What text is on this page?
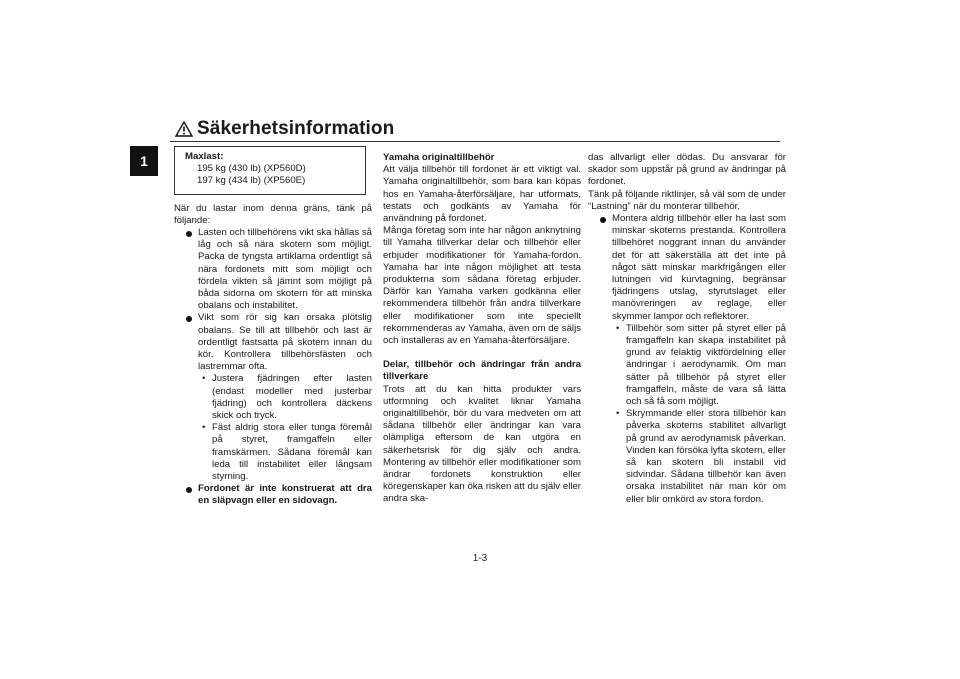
Säkerhetsinformation
1	Maxlast:
195 kg (430 lb) (XP560D)
197 kg (434 lb) (XP560E)

När du lastar inom denna gräns, tänk på följande:

Lasten och tillbehörens vikt ska hållas så låg och så nära skotern som möjligt. Packa de tyngsta artiklarna ordentligt så nära fordonets mitt som möjligt och fördela vikten så jämnt som möjligt på båda sidorna om skotern för att minska obalans och instabilitet.
Vikt som rör sig kan orsaka plötslig obalans. Se till att tillbehör och last är ordentligt fastsatta på skotern innan du kör. Kontrollera tillbehörsfästen och lastremmar ofta.
• Justera fjädringen efter lasten (endast modeller med justerbar fjädring) och kontrollera däckens skick och tryck.
• Fäst aldrig stora eller tunga föremål på styret, framgaffeln eller framskärmen. Sådana föremål kan leda till instabilitet eller långsam styrning.
Fordonet är inte konstruerat att dra en släpvagn eller en sidovagn.

Yamaha originaltillbehör

Att välja tillbehör till fordonet är ett viktigt val. Yamaha originaltillbehör, som bara kan köpas hos en Yamaha-återförsäljare, har utformats, testats och godkänts av Yamaha för användning på fordonet.

Många företag som inte har någon anknytning till Yamaha tillverkar delar och tillbehör eller erbjuder modifikationer för Yamaha-fordon. Yamaha har inte någon möjlighet att testa produkterna som sådana företag erbjuder. Därför kan Yamaha varken godkänna eller rekommendera tillbehör från andra tillverkare eller modifikationer som inte speciellt rekommenderas av Yamaha, även om de säljs och installeras av en Yamaha-återförsäljare.

Delar, tillbehör och ändringar från andra tillverkare

Trots att du kan hitta produkter vars utformning och kvalitet liknar Yamaha originaltillbehör, bör du vara medveten om att sådana tillbehör eller ändringar kan vara olämpliga eftersom de kan utgöra en säkerhetsrisk för dig själv och andra. Montering av tillbehör eller modifikationer som ändrar fordonets konstruktion eller köregenskaper kan öka risken att du själv eller andra ska-

das allvarligt eller dödas. Du ansvarar för skador som uppstår på grund av ändringar på fordonet.

Tänk på följande riktlinjer, så väl som de under “Lastning” när du monterar tillbehör.

Montera aldrig tillbehör eller ha last som minskar skoterns prestanda. Kontrollera tillbehöret noggrant innan du använder det för att säkerställa att det inte på något sätt minskar markfrigången eller lutningen vid kurvtagning, begränsar fjädringens utslag, styrutslaget eller manövreringen av reglage, eller skymmer lampor och reflektorer.
• Tillbehör som sitter på styret eller på framgaffeln kan skapa instabilitet på grund av felaktig viktfördelning eller ändringar i aerodynamik. Om man sätter på tillbehör på styret eller framgaffeln, måste de vara så lätta och så få som möjligt.
• Skrymmande eller stora tillbehör kan påverka skoterns stabilitet allvarligt på grund av aerodynamisk påverkan. Vinden kan försöka lyfta skotern, eller så kan skotern bli instabil vid sidvindar. Sådana tillbehör kan även orsaka instabilitet när man kör om eller blir omkörd av stora fordon.
1-3
